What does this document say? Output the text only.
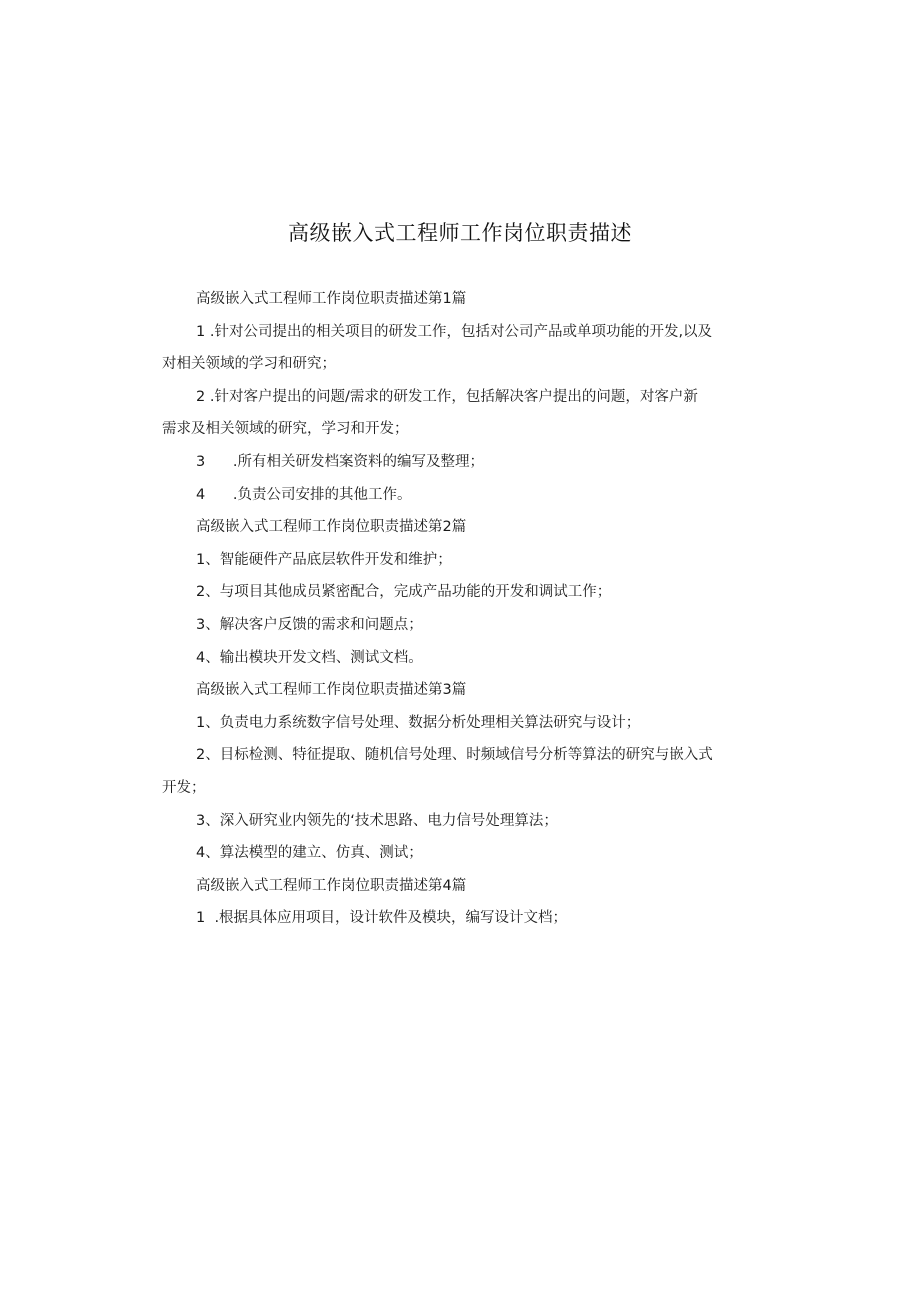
高级嵌入式工程师工作岗位职责描述
高级嵌入式工程师工作岗位职责描述第1篇
1 .针对公司提出的相关项目的研发工作，包括对公司产品或单项功能的开发,以及
对相关领域的学习和研究；
2 .针对客户提出的问题/需求的研发工作，包括解决客户提出的问题，对客户新
需求及相关领域的研究，学习和开发；
3      .所有相关研发档案资料的编写及整理；
4      .负责公司安排的其他工作。
高级嵌入式工程师工作岗位职责描述第2篇
1、智能硬件产品底层软件开发和维护；
2、与项目其他成员紧密配合，完成产品功能的开发和调试工作；
3、解决客户反馈的需求和问题点；
4、输出模块开发文档、测试文档。
高级嵌入式工程师工作岗位职责描述第3篇
1、负责电力系统数字信号处理、数据分析处理相关算法研究与设计；
2、目标检测、特征提取、随机信号处理、时频域信号分析等算法的研究与嵌入式
开发；
3、深入研究业内领先的‘技术思路、电力信号处理算法；
4、算法模型的建立、仿真、测试；
高级嵌入式工程师工作岗位职责描述第4篇
1  .根据具体应用项目，设计软件及模块，编写设计文档；
